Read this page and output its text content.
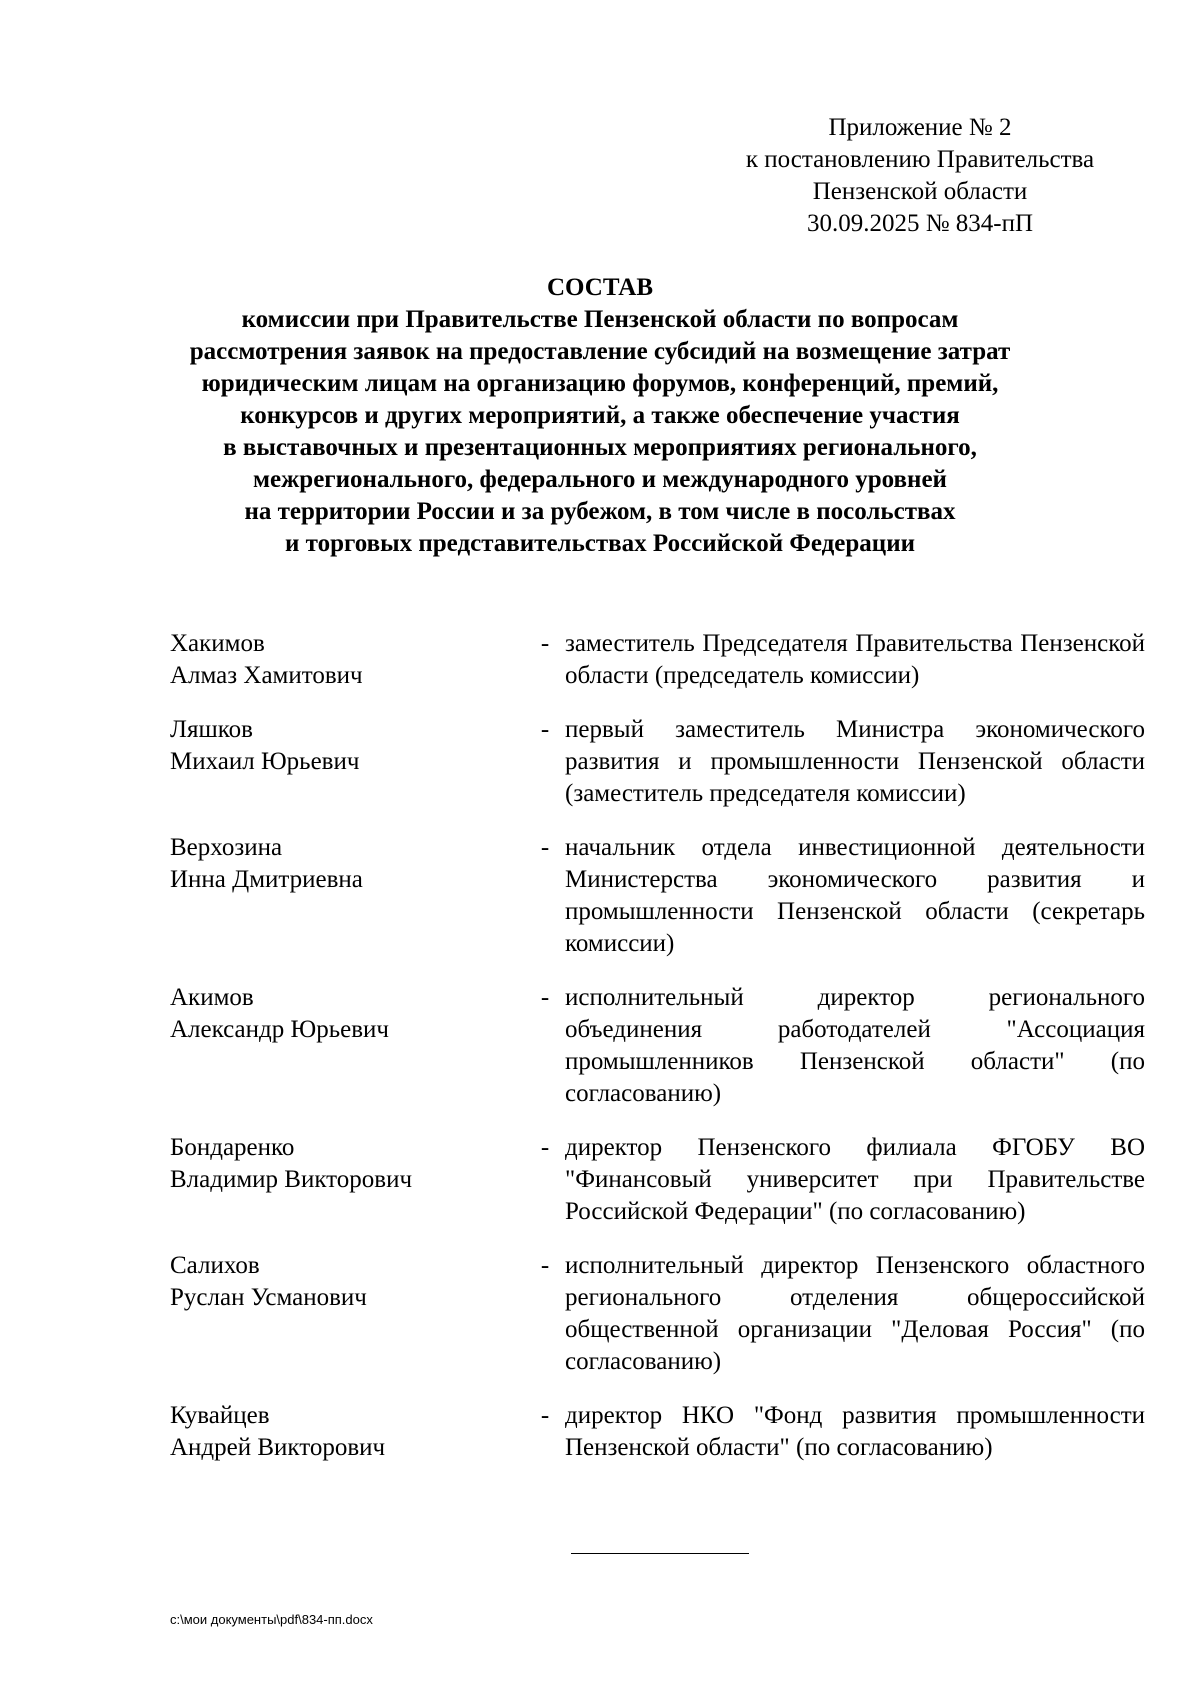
Приложение № 2
к постановлению Правительства
Пензенской области
30.09.2025 № 834-пП
СОСТАВ
комиссии при Правительстве Пензенской области по вопросам
рассмотрения заявок на предоставление субсидий на возмещение затрат
юридическим лицам на организацию форумов, конференций, премий,
конкурсов и других мероприятий, а также обеспечение участия
в выставочных и презентационных мероприятиях регионального,
межрегионального, федерального и международного уровней
на территории России и за рубежом, в том числе в посольствах
и торговых представительствах Российской Федерации
Хакимов
Алмаз Хамитович
- заместитель Председателя Правительства Пензенской области (председатель комиссии)
Ляшков
Михаил Юрьевич
- первый заместитель Министра экономического развития и промышленности Пензенской области (заместитель председателя комиссии)
Верхозина
Инна Дмитриевна
- начальник отдела инвестиционной деятельности Министерства экономического развития и промышленности Пензенской области (секретарь комиссии)
Акимов
Александр Юрьевич
- исполнительный директор регионального объединения работодателей "Ассоциация промышленников Пензенской области" (по согласованию)
Бондаренко
Владимир Викторович
- директор Пензенского филиала ФГОБУ ВО "Финансовый университет при Правительстве Российской Федерации" (по согласованию)
Салихов
Руслан Усманович
- исполнительный директор Пензенского областного регионального отделения общероссийской общественной организации "Деловая Россия" (по согласованию)
Кувайцев
Андрей Викторович
- директор НКО "Фонд развития промышленности Пензенской области" (по согласованию)
c:\мои документы\pdf\834-пп.docx
